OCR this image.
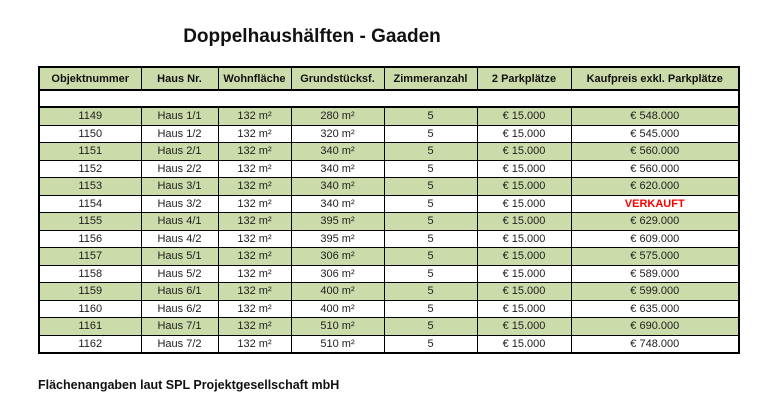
Doppelhaushälften - Gaaden
Objektnummer	Haus Nr.	Wohnfläche	Grundstücksf.	Zimmeranzahl	2 Parkplätze	Kaufpreis exkl. Parkplätze

1149	Haus 1/1	132 m²	280 m²	5	€ 15.000	€ 548.000
1150	Haus 1/2	132 m²	320 m²	5	€ 15.000	€ 545.000
1151	Haus 2/1	132 m²	340 m²	5	€ 15.000	€ 560.000
1152	Haus 2/2	132 m²	340 m²	5	€ 15.000	€ 560.000
1153	Haus 3/1	132 m²	340 m²	5	€ 15.000	€ 620.000
1154	Haus 3/2	132 m²	340 m²	5	€ 15.000	VERKAUFT
1155	Haus 4/1	132 m²	395 m²	5	€ 15.000	€ 629.000
1156	Haus 4/2	132 m²	395 m²	5	€ 15.000	€ 609.000
1157	Haus 5/1	132 m²	306 m²	5	€ 15.000	€ 575.000
1158	Haus 5/2	132 m²	306 m²	5	€ 15.000	€ 589.000
1159	Haus 6/1	132 m²	400 m²	5	€ 15.000	€ 599.000
1160	Haus 6/2	132 m²	400 m²	5	€ 15.000	€ 635.000
1161	Haus 7/1	132 m²	510 m²	5	€ 15.000	€ 690.000
1162	Haus 7/2	132 m²	510 m²	5	€ 15.000	€ 748.000
Flächenangaben laut SPL Projektgesellschaft mbH
